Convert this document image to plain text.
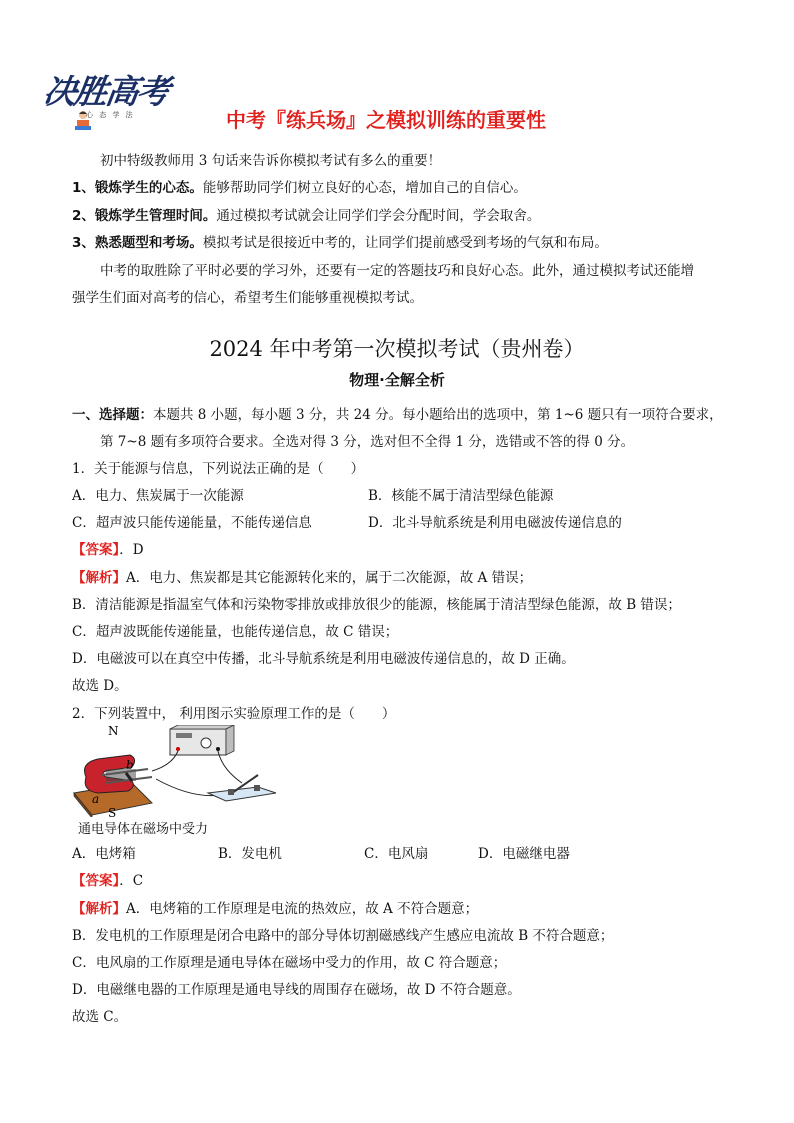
决胜高考
心 态 学 法	中考『练兵场』之模拟训练的重要性
初中特级教师用 3 句话来告诉你模拟考试有多么的重要！
1、锻炼学生的心态。能够帮助同学们树立良好的心态，增加自己的自信心。
2、锻炼学生管理时间。通过模拟考试就会让同学们学会分配时间，学会取舍。
3、熟悉题型和考场。模拟考试是很接近中考的，让同学们提前感受到考场的气氛和布局。
中考的取胜除了平时必要的学习外，还要有一定的答题技巧和良好心态。此外，通过模拟考试还能增
强学生们面对高考的信心，希望考生们能够重视模拟考试。
2024 年中考第一次模拟考试（贵州卷）
物理·全解全析
一、选择题：本题共 8 小题，每小题 3 分，共 24 分。每小题给出的选项中，第 1~6 题只有一项符合要求，
第 7~8 题有多项符合要求。全选对得 3 分，选对但不全得 1 分，选错或不答的得 0 分。
1．关于能源与信息，下列说法正确的是（　　）
A．电力、焦炭属于一次能源	B．核能不属于清洁型绿色能源
C．超声波只能传递能量，不能传递信息	D．北斗导航系统是利用电磁波传递信息的
【答案】．D
【解析】A．电力、焦炭都是其它能源转化来的，属于二次能源，故 A 错误；
B．清洁能源是指温室气体和污染物零排放或排放很少的能源，核能属于清洁型绿色能源，故 B 错误；
C．超声波既能传递能量，也能传递信息，故 C 错误；
D．电磁波可以在真空中传播，北斗导航系统是利用电磁波传递信息的，故 D 正确。
故选 D。
2．下列装置中， 利用图示实验原理工作的是（　　）
N
b
a
S
通电导体在磁场中受力
A．电烤箱	B．发电机	C．电风扇	D．电磁继电器
【答案】．C
【解析】A．电烤箱的工作原理是电流的热效应，故 A 不符合题意；
B．发电机的工作原理是闭合电路中的部分导体切割磁感线产生感应电流故 B 不符合题意；
C．电风扇的工作原理是通电导体在磁场中受力的作用，故 C 符合题意；
D．电磁继电器的工作原理是通电导线的周围存在磁场，故 D 不符合题意。
故选 C。
